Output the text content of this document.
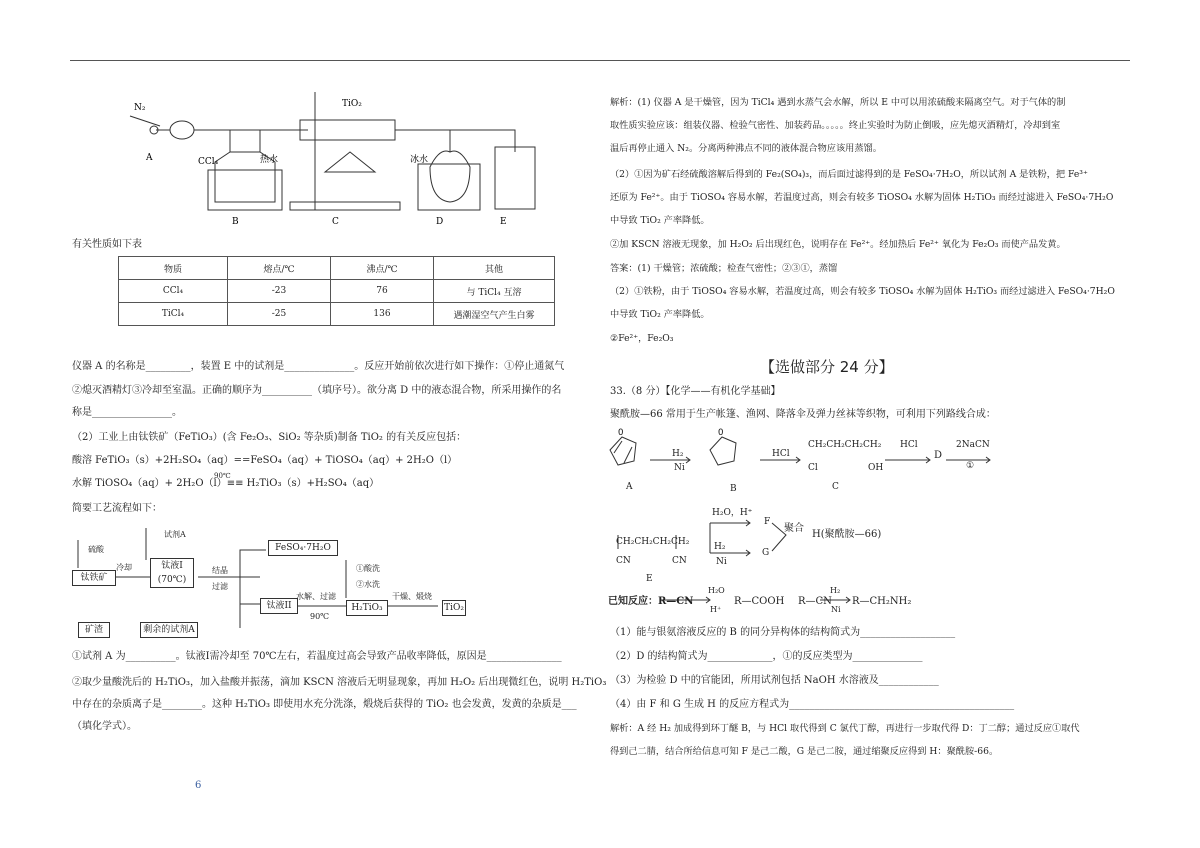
N₂
A	CCl₄	热水
TiO₂
冰水
B	C	D	E
有关性质如下表
物质	熔点/℃	沸点/℃	其他
CCl₄	-23	76	与 TiCl₄ 互溶
TiCl₄	-25	136	遇潮湿空气产生白雾
仪器 A 的名称是_________，装置 E 中的试剂是______________。反应开始前依次进行如下操作：①停止通氮气
②熄灭酒精灯③冷却至室温。正确的顺序为__________（填序号）。欲分离 D 中的液态混合物，所采用操作的名
称是________________。
（2）工业上由钛铁矿（FeTiO₃）(含 Fe₂O₃、SiO₂ 等杂质)制备 TiO₂ 的有关反应包括：
酸溶 FeTiO₃（s）+2H₂SO₄（aq）==FeSO₄（aq）+ TiOSO₄（aq）+ 2H₂O（l）
90℃
水解 TiOSO₄（aq）+ 2H₂O（l）≡≡ H₂TiO₃（s）+H₂SO₄（aq）
简要工艺流程如下：
试剂A
硫酸
钛铁矿
冷却	钛液I
(70℃)
结晶
过滤
FeSO₄·7H₂O
①酸洗
②水洗
钛液II
水解、过滤
90℃
H₂TiO₃
干燥、煅烧
TiO₂
矿渣	剩余的试剂A
①试剂 A 为__________。钛液Ⅰ需冷却至 70℃左右，若温度过高会导致产品收率降低，原因是_______________
②取少量酸洗后的 H₂TiO₃，加入盐酸并振荡，滴加 KSCN 溶液后无明显现象，再加 H₂O₂ 后出现微红色，说明 H₂TiO₃
中存在的杂质离子是________。这种 H₂TiO₃ 即使用水充分洗涤，煅烧后获得的 TiO₂ 也会发黄，发黄的杂质是___
（填化学式）。
6
解析：(1) 仪器 A 是干燥管，因为 TiCl₄ 遇到水蒸气会水解，所以 E 中可以用浓硫酸来隔离空气。对于气体的制
取性质实验应该：组装仪器、检验气密性、加装药品。。。。。终止实验时为防止倒吸，应先熄灭酒精灯，冷却到室
温后再停止通入 N₂。分离两种沸点不同的液体混合物应该用蒸馏。
（2）①因为矿石经硫酸溶解后得到的 Fe₂(SO₄)₃，而后面过滤得到的是 FeSO₄·7H₂O，所以试剂 A 是铁粉，把 Fe³⁺
还原为 Fe²⁺。由于 TiOSO₄ 容易水解，若温度过高，则会有较多 TiOSO₄ 水解为固体 H₂TiO₃ 而经过滤进入 FeSO₄·7H₂O
中导致 TiO₂ 产率降低。
②加 KSCN 溶液无现象，加 H₂O₂ 后出现红色，说明存在 Fe²⁺。经加热后 Fe²⁺ 氧化为 Fe₂O₃ 而使产品发黄。
答案：(1) 干燥管；浓硫酸；检查气密性；②③①，蒸馏
（2）①铁粉，由于 TiOSO₄ 容易水解，若温度过高，则会有较多 TiOSO₄ 水解为固体 H₂TiO₃ 而经过滤进入 FeSO₄·7H₂O
中导致 TiO₂ 产率降低。
②Fe²⁺，Fe₂O₃
【选做部分 24 分】
33.（8 分）【化学——有机化学基础】
聚酰胺—66 常用于生产帐篷、渔网、降落伞及弹力丝袜等织物，可利用下列路线合成：
O	O
H₂
Ni
HCl
CH₂CH₂CH₂CH₂
Cl	OH
HCl
D
2NaCN
①
A	B	C
H₂O，H⁺
F
聚合
H(聚酰胺—66)
CH₂CH₂CH₂CH₂	H₂
Ni
G
CN	CN
E
已知反应：R—CN
H₂O
H⁺
R—COOH R—CN
H₂
Ni
R—CH₂NH₂
（1）能与银氨溶液反应的 B 的同分异构体的结构简式为___________________
（2）D 的结构简式为_____________，①的反应类型为______________
（3）为检验 D 中的官能团，所用试剂包括 NaOH 水溶液及____________
（4）由 F 和 G 生成 H 的反应方程式为_____________________________________________
解析：A 经 H₂ 加成得到环丁醚 B，与 HCl 取代得到 C 氯代丁醇，再进行一步取代得 D：丁二醇；通过反应①取代
得到己二腈，结合所给信息可知 F 是己二酸，G 是己二胺，通过缩聚反应得到 H：聚酰胺-66。
